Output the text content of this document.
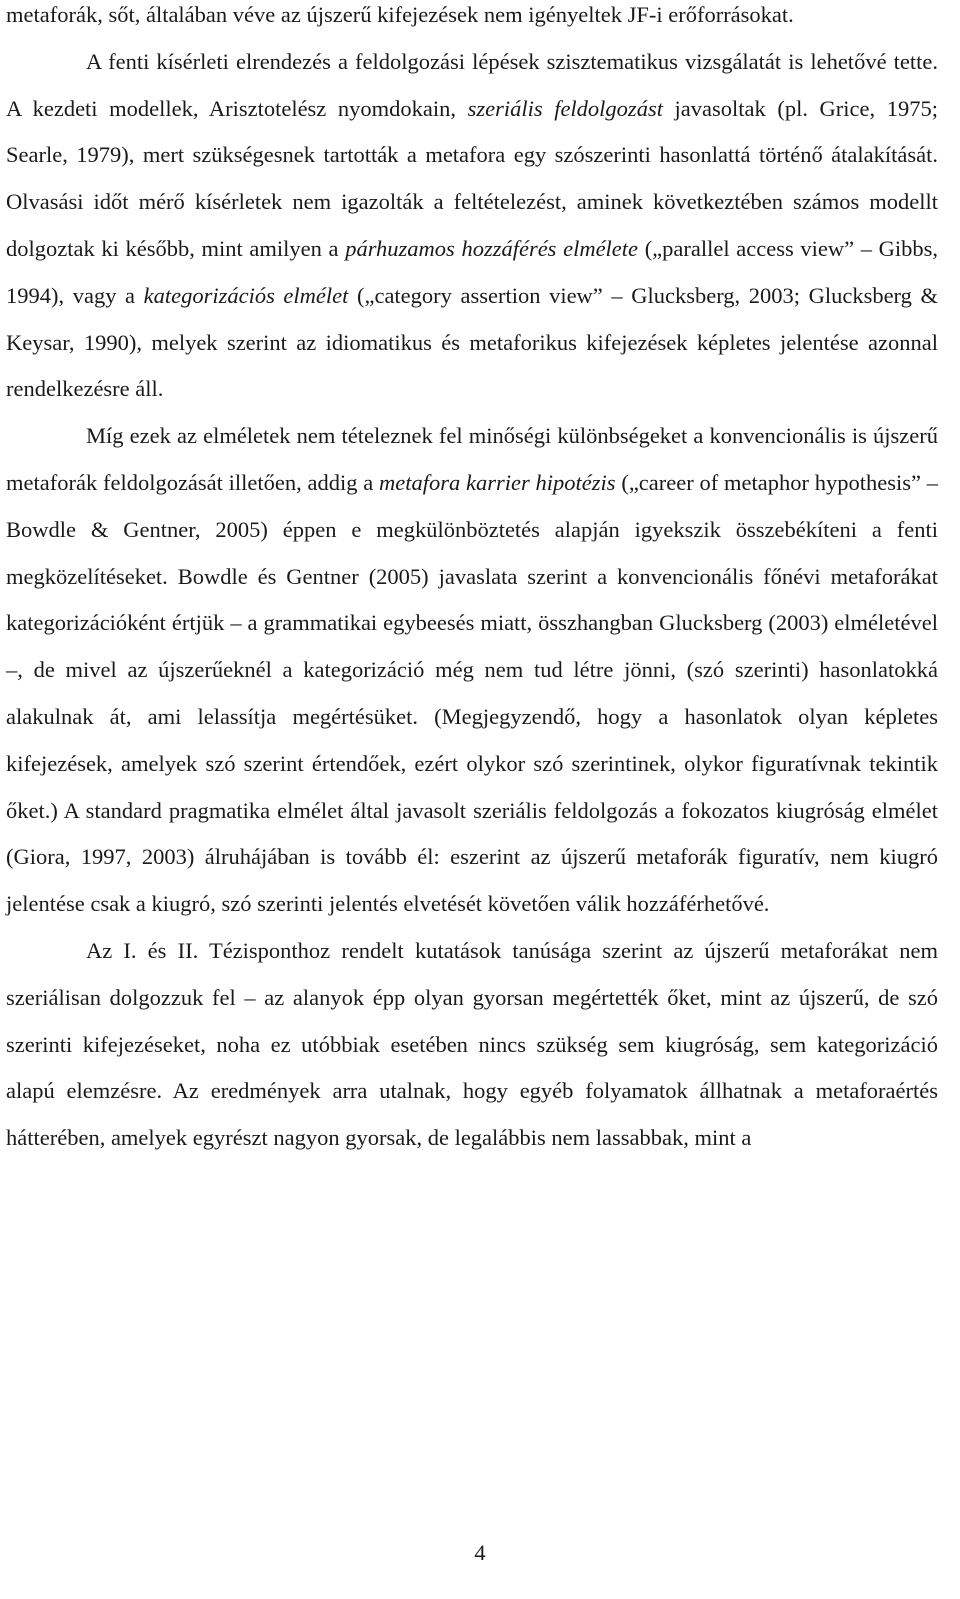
metaforák, sőt, általában véve az újszerű kifejezések nem igényeltek JF-i erőforrásokat.

A fenti kísérleti elrendezés a feldolgozási lépések szisztematikus vizsgálatát is lehetővé tette. A kezdeti modellek, Arisztotelész nyomdokain, szeriális feldolgozást javasoltak (pl. Grice, 1975; Searle, 1979), mert szükségesnek tartották a metafora egy szószerinti hasonlattá történő átalakítását. Olvasási időt mérő kísérletek nem igazolták a feltételezést, aminek következtében számos modellt dolgoztak ki később, mint amilyen a párhuzamos hozzáférés elmélete („parallel access view” – Gibbs, 1994), vagy a kategorizációs elmélet („category assertion view” – Glucksberg, 2003; Glucksberg & Keysar, 1990), melyek szerint az idiomatikus és metaforikus kifejezések képletes jelentése azonnal rendelkezésre áll.

Míg ezek az elméletek nem tételeznek fel minőségi különbségeket a konvencionális is újszerű metaforák feldolgozását illetően, addig a metafora karrier hipotézis („career of metaphor hypothesis” – Bowdle & Gentner, 2005) éppen e megkülönböztetés alapján igyekszik összebékíteni a fenti megközelítéseket. Bowdle és Gentner (2005) javaslata szerint a konvencionális főnévi metaforákat kategorizációként értjük – a grammatikai egybeesés miatt, összhangban Glucksberg (2003) elméletével –, de mivel az újszerűeknél a kategorizáció még nem tud létre jönni, (szó szerinti) hasonlatokká alakulnak át, ami lelassítja megértésüket. (Megjegyzendő, hogy a hasonlatok olyan képletes kifejezések, amelyek szó szerint értendőek, ezért olykor szó szerintinek, olykor figuratívnak tekintik őket.) A standard pragmatika elmélet által javasolt szeriális feldolgozás a fokozatos kiugróság elmélet (Giora, 1997, 2003) álruhájában is tovább él: eszerint az újszerű metaforák figuratív, nem kiugró jelentése csak a kiugró, szó szerinti jelentés elvetését követően válik hozzáférhetővé.

Az I. és II. Tézisponthoz rendelt kutatások tanúsága szerint az újszerű metaforákat nem szeriálisan dolgozzuk fel – az alanyok épp olyan gyorsan megértették őket, mint az újszerű, de szó szerinti kifejezéseket, noha ez utóbbiak esetében nincs szükség sem kiugróság, sem kategorizáció alapú elemzésre. Az eredmények arra utalnak, hogy egyéb folyamatok állhatnak a metaforaértés hátterében, amelyek egyrészt nagyon gyorsak, de legalábbis nem lassabbak, mint a

4
